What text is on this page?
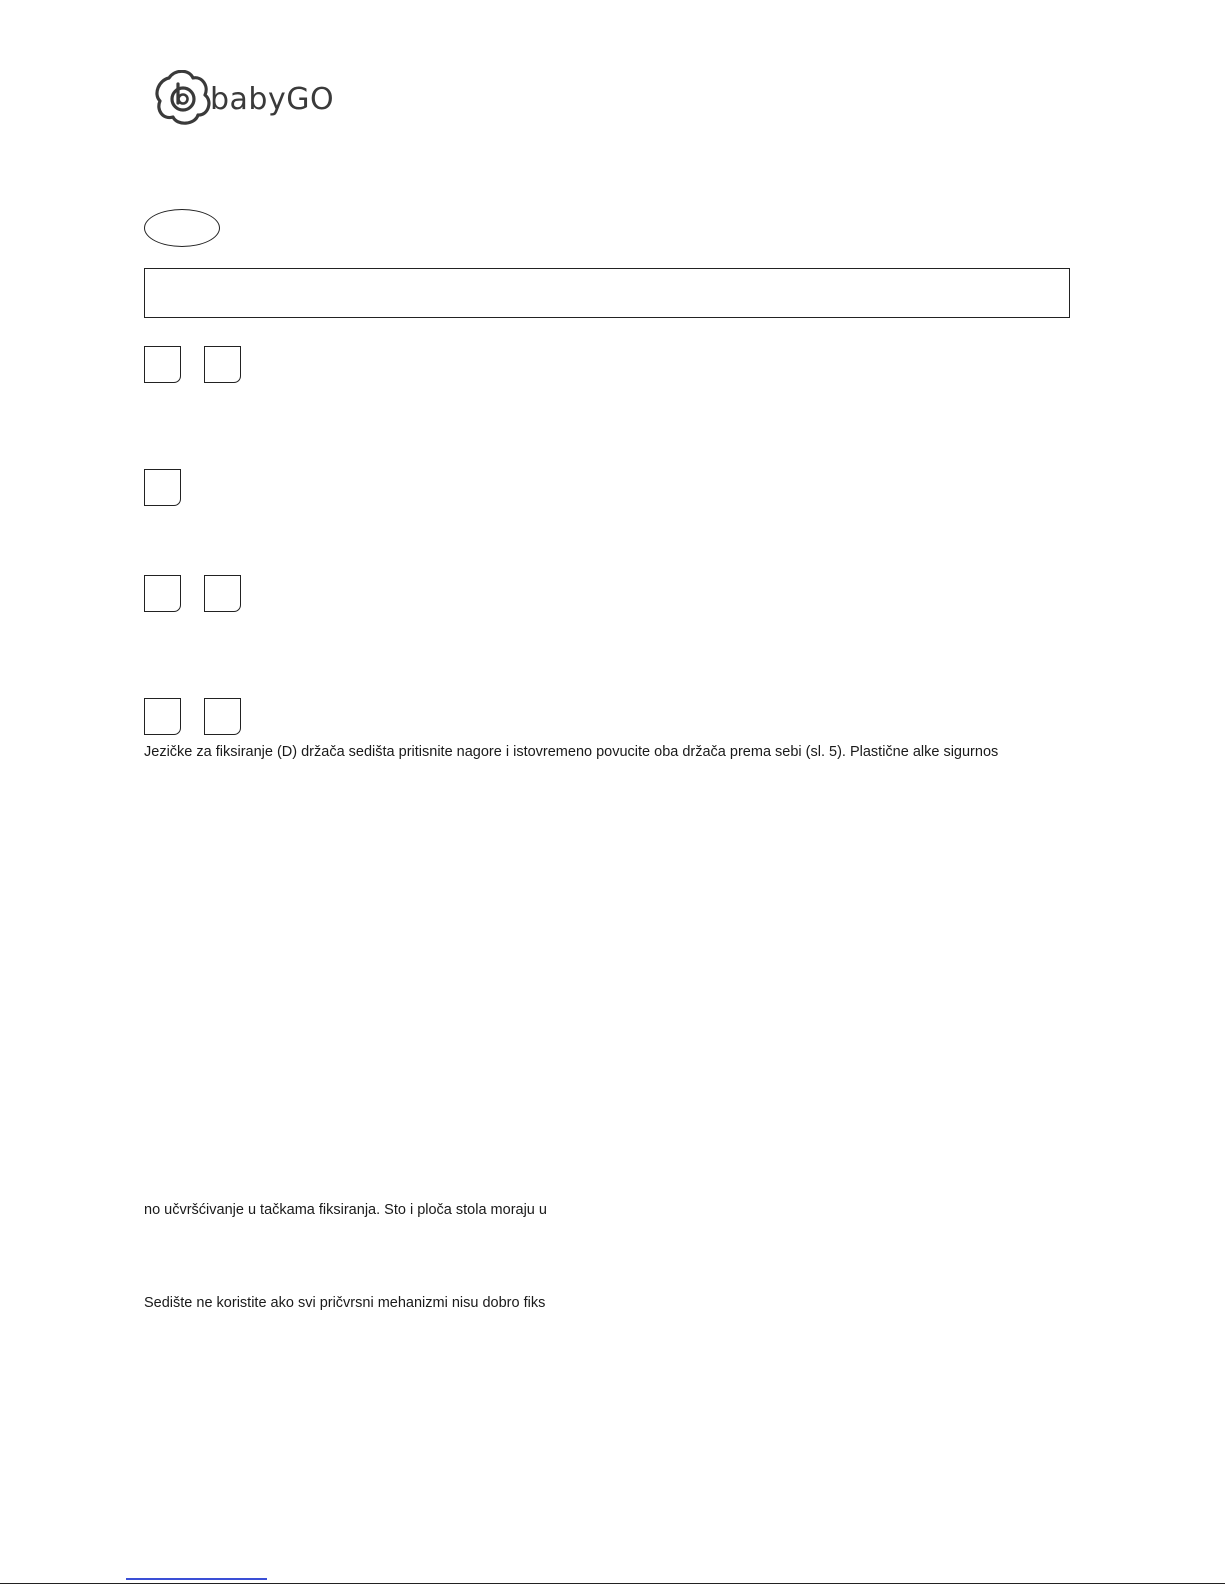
babyGO
Jezičke za fiksiranje (D) držača sedišta pritisnite nagore i istovremeno povucite oba držača prema sebi (sl. 5). Plastične alke sigurnos
no učvršćivanje u tačkama fiksiranja. Sto i ploča stola moraju u
Sedište ne koristite ako svi pričvrsni mehanizmi nisu dobro fiks
